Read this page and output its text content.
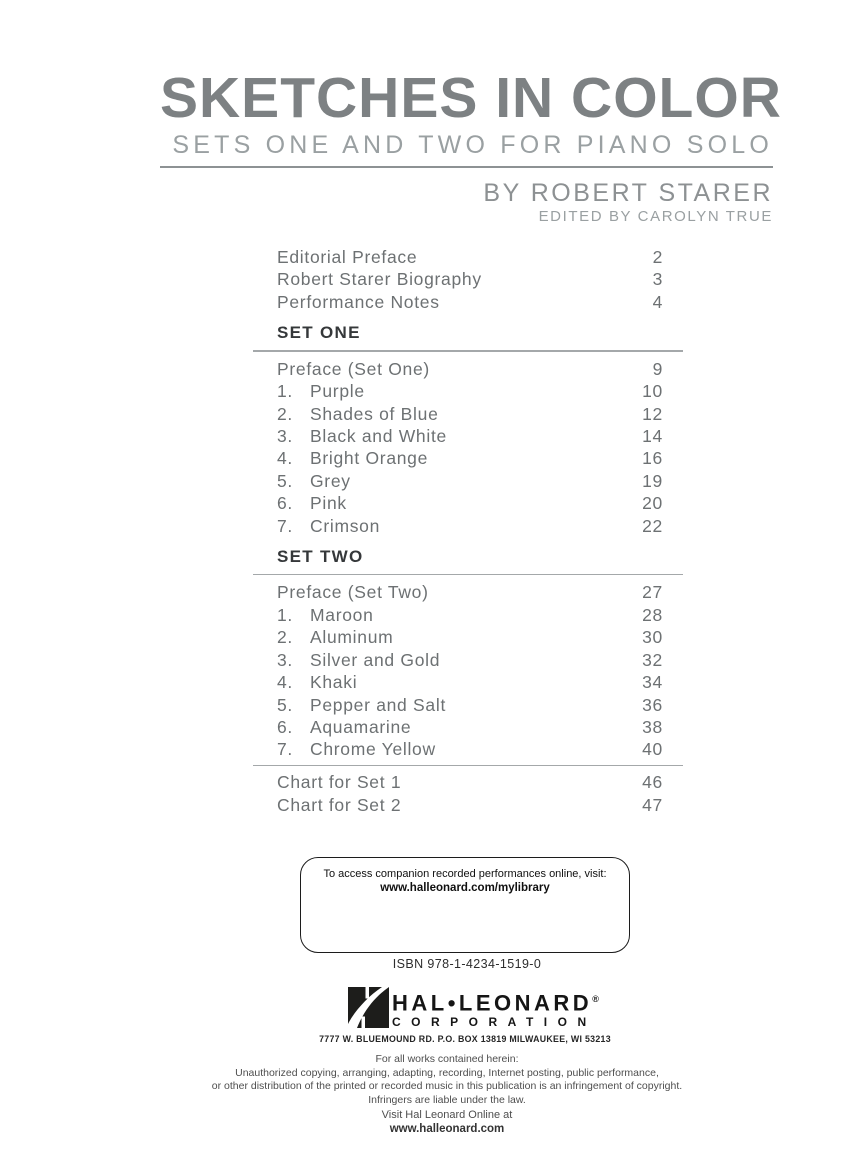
SKETCHES IN COLOR
SETS ONE AND TWO FOR PIANO SOLO
BY ROBERT STARER
EDITED BY CAROLYN TRUE
Editorial Preface	2
Robert Starer Biography	3
Performance Notes	4
SET ONE
Preface (Set One)	9
1. Purple	10
2. Shades of Blue	12
3. Black and White	14
4. Bright Orange	16
5. Grey	19
6. Pink	20
7. Crimson	22
SET TWO
Preface (Set Two)	27
1. Maroon	28
2. Aluminum	30
3. Silver and Gold	32
4. Khaki	34
5. Pepper and Salt	36
6. Aquamarine	38
7. Chrome Yellow	40
Chart for Set 1	46
Chart for Set 2	47
To access companion recorded performances online, visit:
www.halleonard.com/mylibrary
ISBN 978-1-4234-1519-0
HAL•LEONARD®
CORPORATION
7777 W. BLUEMOUND RD. P.O. BOX 13819 MILWAUKEE, WI 53213
For all works contained herein:
Unauthorized copying, arranging, adapting, recording, Internet posting, public performance,
or other distribution of the printed or recorded music in this publication is an infringement of copyright.
Infringers are liable under the law.
Visit Hal Leonard Online at
www.halleonard.com
